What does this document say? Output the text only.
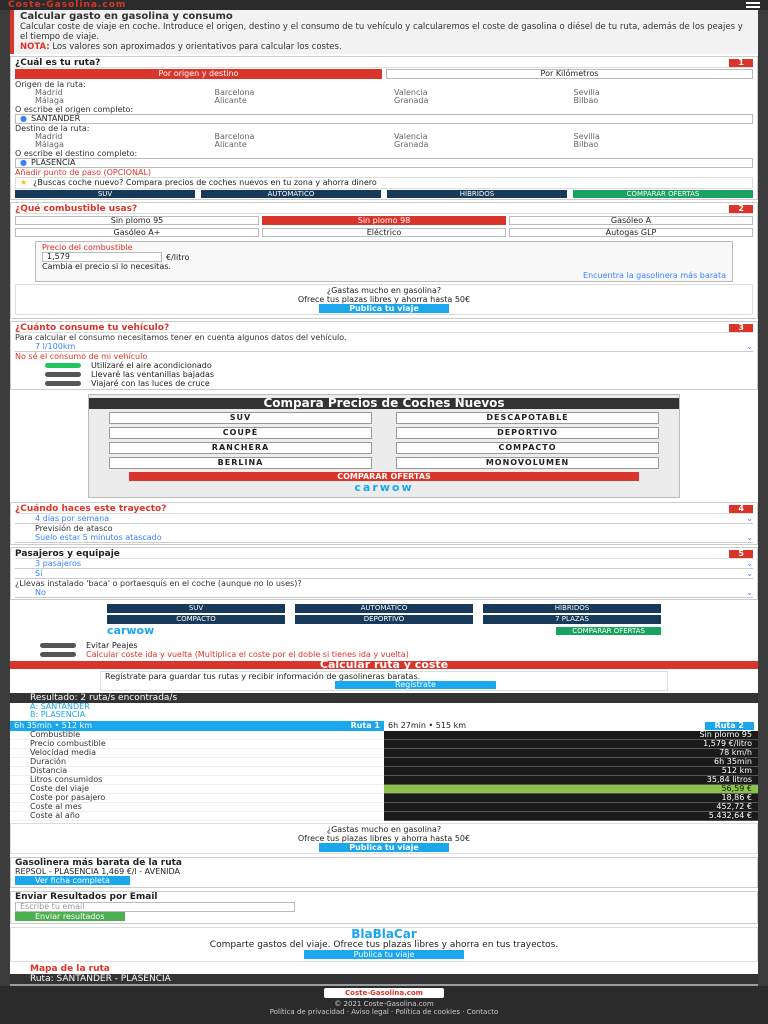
Coste-Gasolina.com
Calcular gasto en gasolina y consumo
Calcular coste de viaje en coche. Introduce el origen, destino y el consumo de tu vehículo y calcularemos el coste de gasolina o diésel de tu ruta, además de los peajes y el tiempo de viaje.
NOTA: Los valores son aproximados y orientativos para calcular los costes.
¿Cuál es tu ruta?	1
Por origen y destino	Por Kilómetros
Origen de la ruta:
Madrid	Barcelona	Valencia	Sevilla
Málaga	Alicante	Granada	Bilbao
O escribe el origen completo:
● SANTANDER
Destino de la ruta:
Madrid	Barcelona	Valencia	Sevilla
Málaga	Alicante	Granada	Bilbao
O escribe el destino completo:
● PLASENCIA
Añadir punto de paso (OPCIONAL)
★ ¿Buscas coche nuevo? Compara precios de coches nuevos en tu zona y ahorra dinero
SUV	AUTOMÁTICO	HÍBRIDOS	COMPARAR OFERTAS
¿Qué combustible usas?	2
Sin plomo 95	Sin plomo 98	Gasóleo A
Gasóleo A+	Eléctrico	Autogas GLP
Precio del combustible
1,579	€/litro
Cambia el precio si lo necesitas.
Encuentra la gasolinera más barata
¿Gastas mucho en gasolina?
Ofrece tus plazas libres y ahorra hasta 50€
Publica tu viaje
¿Cuánto consume tu vehículo?	3
Para calcular el consumo necesitamos tener en cuenta algunos datos del vehículo.
7 l/100km	⌄
No sé el consumo de mi vehículo
Utilizaré el aire acondicionado
Llevaré las ventanillas bajadas
Viajaré con las luces de cruce
Compara Precios de Coches Nuevos
SUV	DESCAPOTABLE
COUPÉ	DEPORTIVO
RANCHERA	COMPACTO
BERLINA	MONOVOLUMEN
COMPARAR OFERTAS
carwow
¿Cuándo haces este trayecto?	4
4 días por semana	⌄
Previsión de atasco
Suelo estar 5 minutos atascado	⌄
Pasajeros y equipaje	5
3 pasajeros	⌄
Sí	⌄
¿Llevas instalado 'baca' o portaesquís en el coche (aunque no lo uses)?
No	⌄
SUV	AUTOMÁTICO	HÍBRIDOS
COMPACTO	DEPORTIVO	7 PLAZAS
carwow	COMPARAR OFERTAS
Evitar Peajes
Calcular coste ida y vuelta (Multiplica el coste por el doble si tienes ida y vuelta)
Calcular ruta y coste
Regístrate para guardar tus rutas y recibir información de gasolineras baratas.
Regístrate
Resultado: 2 ruta/s encontrada/s
A: SANTANDER
B: PLASENCIA
6h 35min • 512 km	Ruta 1	6h 27min • 515 km	Ruta 2
Combustible	Sin plomo 95
Precio combustible	1,579 €/litro
Velocidad media	78 km/h
Duración	6h 35min
Distancia	512 km
Litros consumidos	35,84 litros
Coste del viaje	56,59 €
Coste por pasajero	18,86 €
Coste al mes	452,72 €
Coste al año	5.432,64 €
¿Gastas mucho en gasolina?
Ofrece tus plazas libres y ahorra hasta 50€
Publica tu viaje
Gasolinera más barata de la ruta
REPSOL - PLASENCIA 1,469 €/l - AVENIDA
Ver ficha completa
Enviar Resultados por Email
Escribe tu email
Enviar resultados
BlaBlaCar
Comparte gastos del viaje. Ofrece tus plazas libres y ahorra en tus trayectos.
Publica tu viaje
Mapa de la ruta
Ruta: SANTANDER - PLASENCIA
Coste-Gasolina.com
© 2021 Coste-Gasolina.com
Política de privacidad · Aviso legal · Política de cookies · Contacto
